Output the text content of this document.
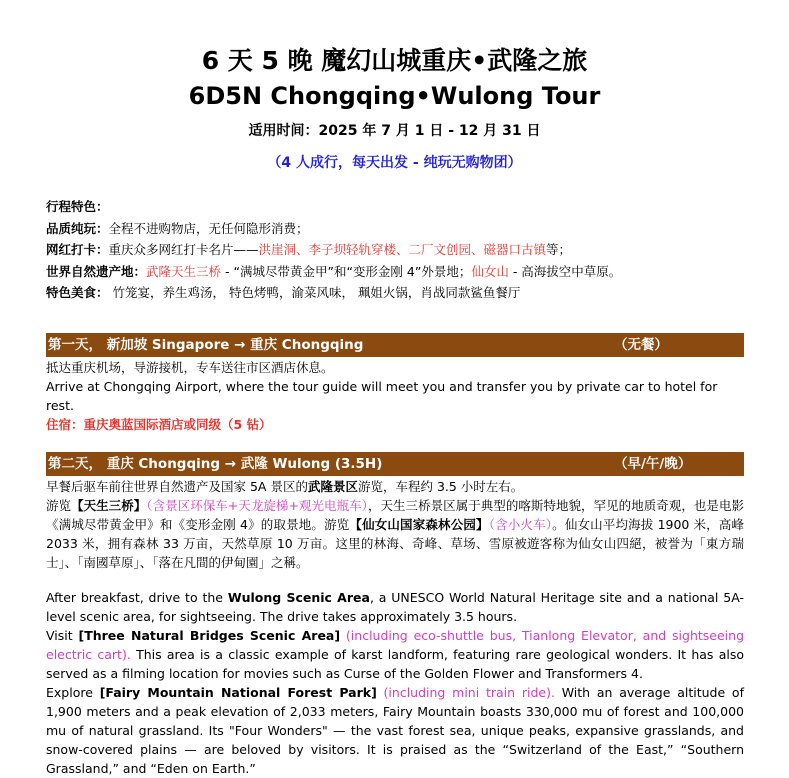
6 天 5 晚 魔幻山城重庆•武隆之旅
6D5N Chongqing•Wulong Tour
适用时间：2025 年 7 月 1 日 - 12 月 31 日
（4 人成行，每天出发 - 纯玩无购物团）
行程特色：
品质纯玩：全程不进购物店，无任何隐形消费；
网红打卡：重庆众多网红打卡名片——洪崖洞、李子坝轻轨穿楼、二厂文创园、磁器口古镇等；
世界自然遗产地：武隆天生三桥 - “满城尽带黄金甲”和“变形金刚 4”外景地；仙女山 - 高海拔空中草原。
特色美食： 竹笼宴，养生鸡汤， 特色烤鸭，渝菜风味， 珮姐火锅，肖战同款鲨鱼餐厅
第一天， 新加坡 Singapore → 重庆 Chongqing	（无餐）

抵达重庆机场，导游接机，专车送往市区酒店休息。

Arrive at Chongqing Airport, where the tour guide will meet you and transfer you by private car to hotel for rest.

住宿：重庆奥蓝国际酒店或同级（5 钻）

第二天， 重庆 Chongqing → 武隆 Wulong (3.5H)	（早/午/晚）

早餐后驱车前往世界自然遗产及国家 5A 景区的武隆景区游览，车程约 3.5 小时左右。

游览【天生三桥】（含景区环保车+天龙旋梯+观光电瓶车），天生三桥景区属于典型的喀斯特地貌，罕见的地质奇观，也是电影《满城尽带黄金甲》和《变形金刚 4》的取景地。游览【仙女山国家森林公园】（含小火车）。仙女山平均海拔 1900 米，高峰 2033 米，拥有森林 33 万亩，天然草原 10 万亩。这里的林海、奇峰、草场、雪原被遊客称为仙女山四絕，被誉为「東方瑞士」、「南國草原」、「落在凡間的伊甸園」之稱。

After breakfast, drive to the Wulong Scenic Area, a UNESCO World Natural Heritage site and a national 5A-level scenic area, for sightseeing. The drive takes approximately 3.5 hours.

Visit [Three Natural Bridges Scenic Area] (including eco-shuttle bus, Tianlong Elevator, and sightseeing electric cart). This area is a classic example of karst landform, featuring rare geological wonders. It has also served as a filming location for movies such as Curse of the Golden Flower and Transformers 4.

Explore [Fairy Mountain National Forest Park] (including mini train ride). With an average altitude of 1,900 meters and a peak elevation of 2,033 meters, Fairy Mountain boasts 330,000 mu of forest and 100,000 mu of natural grassland. Its "Four Wonders" — the vast forest sea, unique peaks, expansive grasslands, and snow-covered plains — are beloved by visitors. It is praised as the “Switzerland of the East,” “Southern Grassland,” and “Eden on Earth.”
